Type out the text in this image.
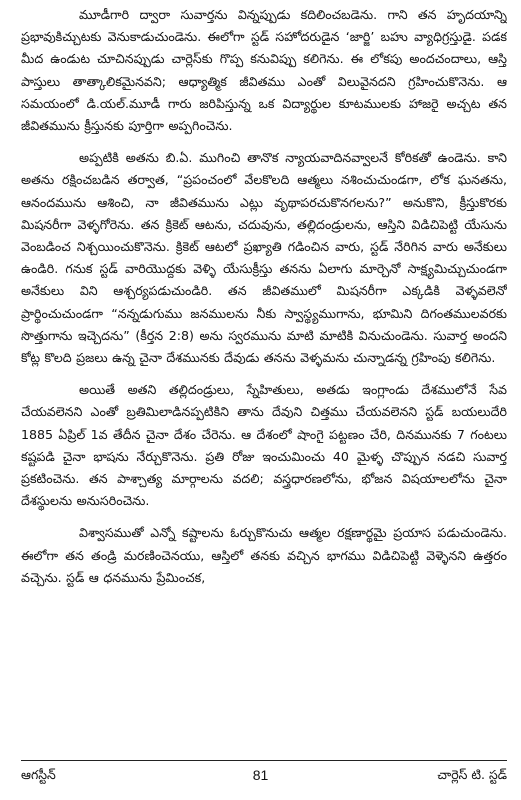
మూడీగారి ద్వారా సువార్తను విన్నప్పుడు కదిలించబడెను. గాని తన హృదయాన్ని ప్రభావుకిచ్చుటకు వెనుకాడుచుండెను. ఈలోగా స్టడ్ సహోదరుడైన ‘జార్జి’ బహు వ్యాధిగ్రస్తుడై. పడక మీద ఉండుట చూచినప్పుడు చార్లెస్‌కు గొప్ప కనువిప్పు కలిగెను. ఈ లోకపు అందచందాలు, ఆస్తి పాస్తులు తాత్కాలికమైనవని; ఆధ్యాత్మిక జీవితము ఎంతో విలువైనదని గ్రహించుకొనెను. ఆ సమయంలో డి.యల్.మూడీ గారు జరిపిస్తున్న ఒక విద్యార్థుల కూటములకు హాజరై అచ్చట తన జీవితమును క్రీస్తునకు పూర్తిగా అప్పగించెను.

అప్పటికి అతను బి.ఏ. ముగించి తానొక న్యాయవాదినవ్వాలనే కోరికతో ఉండెను. కాని అతను రక్షించబడిన తర్వాత, “ప్రపంచంలో వేలకొలది ఆత్మలు నశించుచుండగా, లోక ఘనతను, ఆనందమును ఆశించి, నా జీవితమును ఎట్లు వృథాపరచుకొనగలను?” అనుకొని, క్రీస్తుకొరకు మిషనరీగా వెళ్ళగోరెను. తన క్రికెట్ ఆటను, చదువును, తల్లిదండ్రులను, ఆస్తిని విడిచిపెట్టి యేసును వెంబడించ నిశ్చయించుకొనెను. క్రికెట్ ఆటలో ప్రఖ్యాతి గడించిన వారు, స్టడ్ నేరిగిన వారు అనేకులు ఉండిరి. గనుక స్టడ్ వారియొద్దకు వెళ్ళి యేసుక్రీస్తు తనను ఏలాగు మార్చెనో సాక్ష్యమిచ్చుచుండగా అనేకులు విని ఆశ్చర్యపడుచుండిరి. తన జీవితములో మిషనరీగా ఎక్కడికి వెళ్ళవలెనో ప్రార్థించుచుండగా “నన్నడుగుము జనములను నీకు స్వాస్థ్యముగాను, భూమిని దిగంతములవరకు సొత్తుగాను ఇచ్చెదను” (కీర్తన 2:8) అను స్వరమును మాటి మాటికి వినుచుండెను. సువార్త అందని కోట్ల కొలది ప్రజలు ఉన్న చైనా దేశమునకు దేవుడు తనను వెళ్ళమను చున్నాడన్న గ్రహింపు కలిగెను.

అయితే అతని తల్లిదండ్రులు, స్నేహితులు, అతడు ఇంగ్లాండు దేశములోనే సేవ చేయవలెనని ఎంతో బ్రతిమిలాడినప్పటికిని తాను దేవుని చిత్తము చేయవలెనని స్టడ్ బయలుదేరి 1885 ఏప్రిల్ 1వ తేదీన చైనా దేశం చేరెను. ఆ దేశంలో షాంగై పట్టణం చేరి, దినమునకు 7 గంటలు కష్టపడి చైనా భాషను నేర్చుకొనెను. ప్రతి రోజు ఇంచుమించు 40 మైళ్ళ చొప్పున నడచి సువార్త ప్రకటించెను. తన పాశ్చాత్య మార్గాలను వదలి; వస్త్రధారణలోను, భోజన విషయాలలోను చైనా దేశస్థులను అనుసరించెను.

విశ్వాసముతో ఎన్నో కష్టాలను ఓర్చుకొనుచు ఆత్మల రక్షణార్థమై ప్రయాస పడుచుండెను. ఈలోగా తన తండ్రి మరణించెనయు, ఆస్తిలో తనకు వచ్చిన భాగము విడిచిపెట్టి వెళ్ళెనని ఉత్తరం వచ్చెను. స్టడ్ ఆ ధనమును ప్రేమించక,

ఆగస్టీన్	81	చార్లెస్ టి. స్టడ్
